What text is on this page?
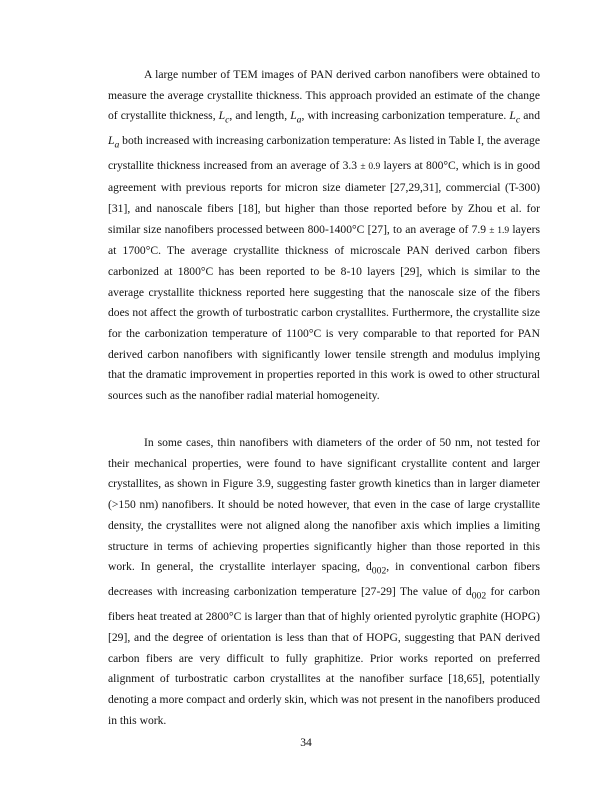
A large number of TEM images of PAN derived carbon nanofibers were obtained to measure the average crystallite thickness. This approach provided an estimate of the change of crystallite thickness, $L_c$, and length, $L_a$, with increasing carbonization temperature. $L_c$ and $L_a$ both increased with increasing carbonization temperature: As listed in Table I, the average crystallite thickness increased from an average of 3.3 ± 0.9 layers at 800°C, which is in good agreement with previous reports for micron size diameter [27,29,31], commercial (T-300) [31], and nanoscale fibers [18], but higher than those reported before by Zhou et al. for similar size nanofibers processed between 800-1400°C [27], to an average of 7.9 ± 1.9 layers at 1700°C. The average crystallite thickness of microscale PAN derived carbon fibers carbonized at 1800°C has been reported to be 8-10 layers [29], which is similar to the average crystallite thickness reported here suggesting that the nanoscale size of the fibers does not affect the growth of turbostratic carbon crystallites. Furthermore, the crystallite size for the carbonization temperature of 1100°C is very comparable to that reported for PAN derived carbon nanofibers with significantly lower tensile strength and modulus implying that the dramatic improvement in properties reported in this work is owed to other structural sources such as the nanofiber radial material homogeneity.

In some cases, thin nanofibers with diameters of the order of 50 nm, not tested for their mechanical properties, were found to have significant crystallite content and larger crystallites, as shown in Figure 3.9, suggesting faster growth kinetics than in larger diameter (>150 nm) nanofibers. It should be noted however, that even in the case of large crystallite density, the crystallites were not aligned along the nanofiber axis which implies a limiting structure in terms of achieving properties significantly higher than those reported in this work. In general, the crystallite interlayer spacing, $d_{002}$, in conventional carbon fibers decreases with increasing carbonization temperature [27-29] The value of $d_{002}$ for carbon fibers heat treated at 2800°C is larger than that of highly oriented pyrolytic graphite (HOPG) [29], and the degree of orientation is less than that of HOPG, suggesting that PAN derived carbon fibers are very difficult to fully graphitize. Prior works reported on preferred alignment of turbostratic carbon crystallites at the nanofiber surface [18,65], potentially denoting a more compact and orderly skin, which was not present in the nanofibers produced in this work.

34
